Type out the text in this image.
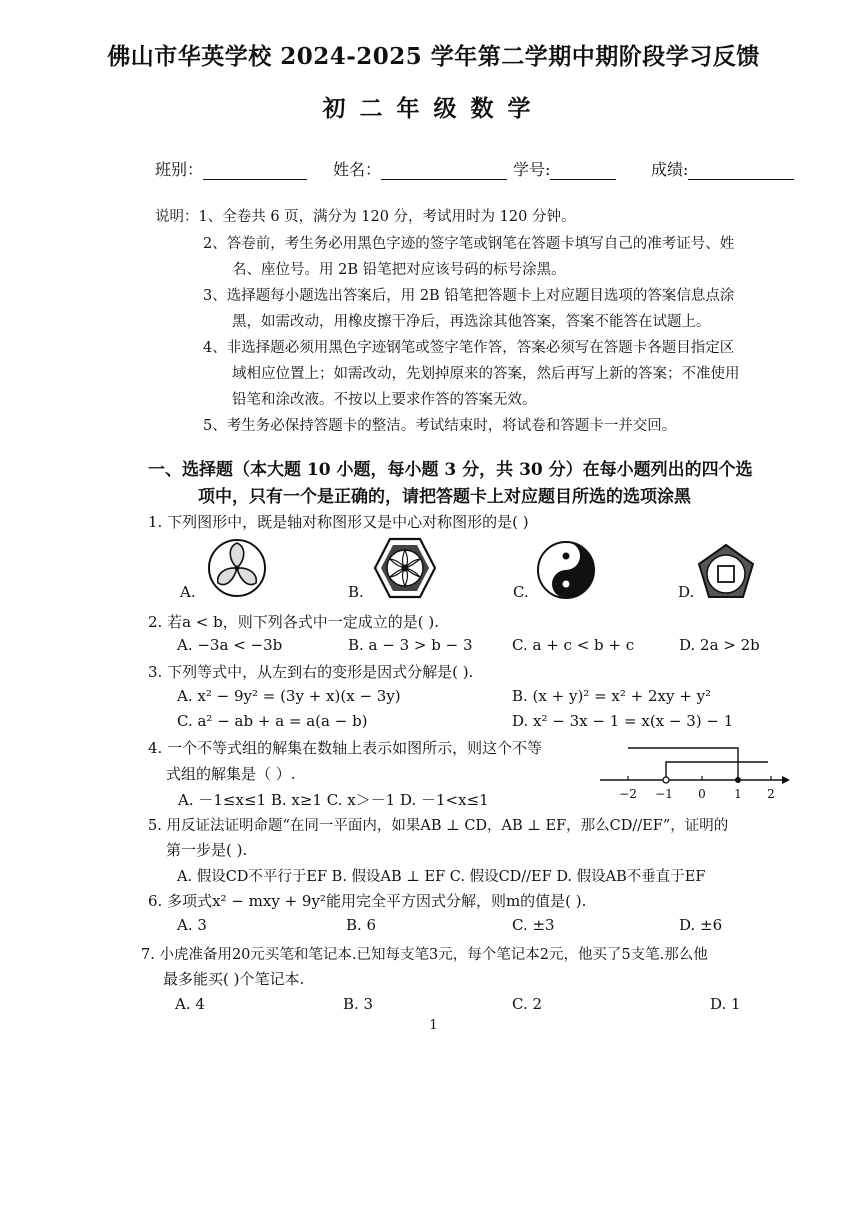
佛山市华英学校 2024-2025 学年第二学期中期阶段学习反馈
初二年级数学
班别：	姓名：	学号:	成绩:
说明：1、全卷共 6 页，满分为 120 分，考试用时为 120 分钟。
2、答卷前，考生务必用黑色字迹的签字笔或钢笔在答题卡填写自己的准考证号、姓
名、座位号。用 2B 铅笔把对应该号码的标号涂黑。
3、选择题每小题选出答案后，用 2B 铅笔把答题卡上对应题目选项的答案信息点涂
黑，如需改动，用橡皮擦干净后，再选涂其他答案，答案不能答在试题上。
4、非选择题必须用黑色字迹钢笔或签字笔作答，答案必须写在答题卡各题目指定区
域相应位置上；如需改动，先划掉原来的答案，然后再写上新的答案；不准使用
铅笔和涂改液。不按以上要求作答的答案无效。
5、考生务必保持答题卡的整洁。考试结束时，将试卷和答题卡一并交回。
一、选择题（本大题 10 小题，每小题 3 分，共 30 分）在每小题列出的四个选
项中，只有一个是正确的，请把答题卡上对应题目所选的选项涂黑
1. 下列图形中，既是轴对称图形又是中心对称图形的是( )
A.	B.	C.	D.
2. 若a < b，则下列各式中一定成立的是( ).
A. −3a < −3b	B. a − 3 > b − 3	C. a + c < b + c	D. 2a > 2b
3. 下列等式中，从左到右的变形是因式分解是( ).
A. x² − 9y² = (3y + x)(x − 3y)	B. (x + y)² = x² + 2xy + y²
C. a² − ab + a = a(a − b)	D. x² − 3x − 1 = x(x − 3) − 1
4. 一个不等式组的解集在数轴上表示如图所示，则这个不等
式组的解集是（ ）.
A. －1≤x≤1 B. x≥1 C. x＞－1 D. －1<x≤1	−2 −1 0 1 2
5. 用反证法证明命题“在同一平面内，如果AB ⊥ CD，AB ⊥ EF，那么CD//EF”，证明的
第一步是( ).
A. 假设CD不平行于EF B. 假设AB ⊥ EF C. 假设CD//EF D. 假设AB不垂直于EF
6. 多项式x² − mxy + 9y²能用完全平方因式分解，则m的值是( ).
A. 3	B. 6	C. ±3	D. ±6
7. 小虎准备用20元买笔和笔记本.已知每支笔3元，每个笔记本2元，他买了5支笔.那么他
最多能买( )个笔记本.
A. 4	B. 3	C. 2	D. 1
1
